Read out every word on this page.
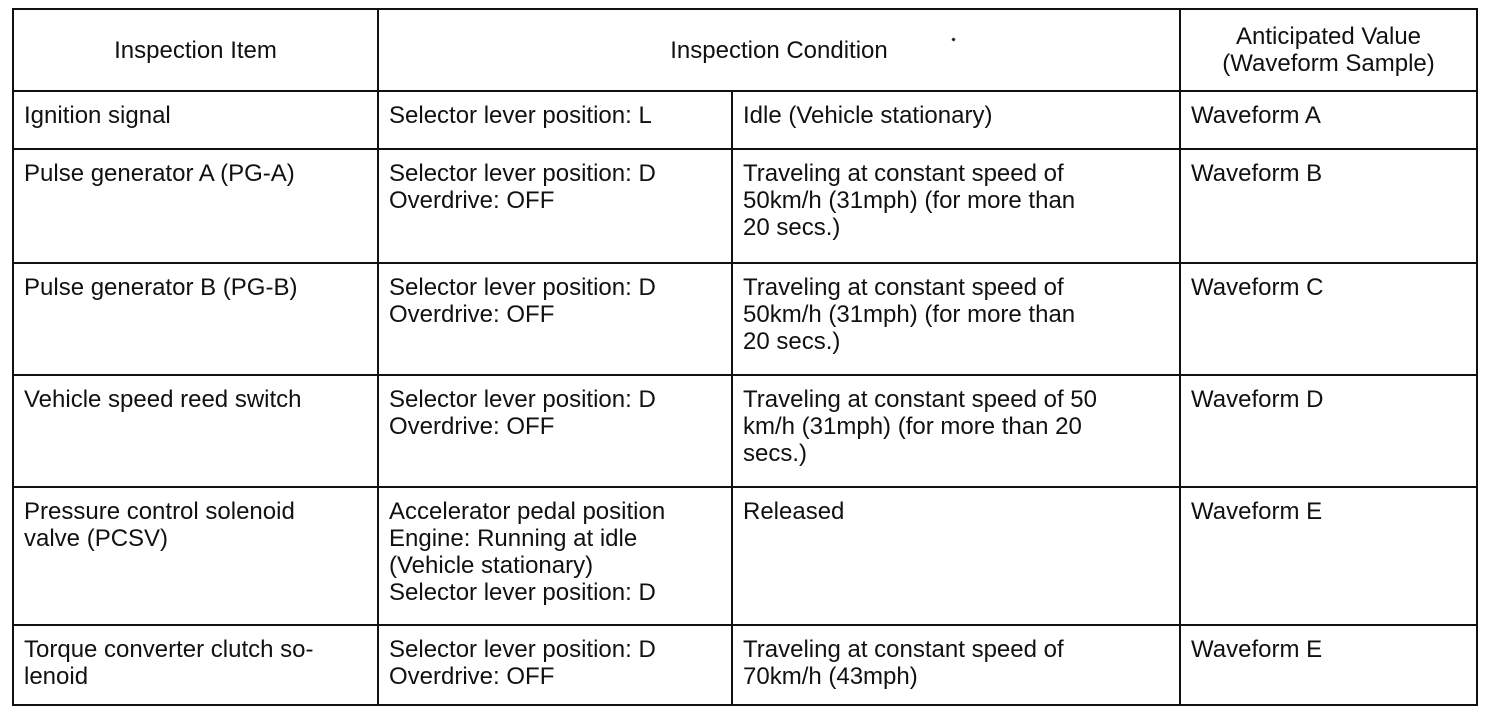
Inspection Item	Inspection Condition		Anticipated Value
(Waveform Sample)

Ignition signal	Selector lever position: L	Idle (Vehicle stationary)	Waveform A

Pulse generator A (PG-A)	Selector lever position: D
Overdrive: OFF	Traveling at constant speed of
50km/h (31mph) (for more than
20 secs.)	Waveform B

Pulse generator B (PG-B)	Selector lever position: D
Overdrive: OFF	Traveling at constant speed of
50km/h (31mph) (for more than
20 secs.)	Waveform C

Vehicle speed reed switch	Selector lever position: D
Overdrive: OFF	Traveling at constant speed of 50
km/h (31mph) (for more than 20
secs.)	Waveform D

Pressure control solenoid
valve (PCSV)	Accelerator pedal position
Engine: Running at idle
(Vehicle stationary)
Selector lever position: D	Released	Waveform E

Torque converter clutch so-
lenoid	Selector lever position: D
Overdrive: OFF	Traveling at constant speed of
70km/h (43mph)	Waveform E
